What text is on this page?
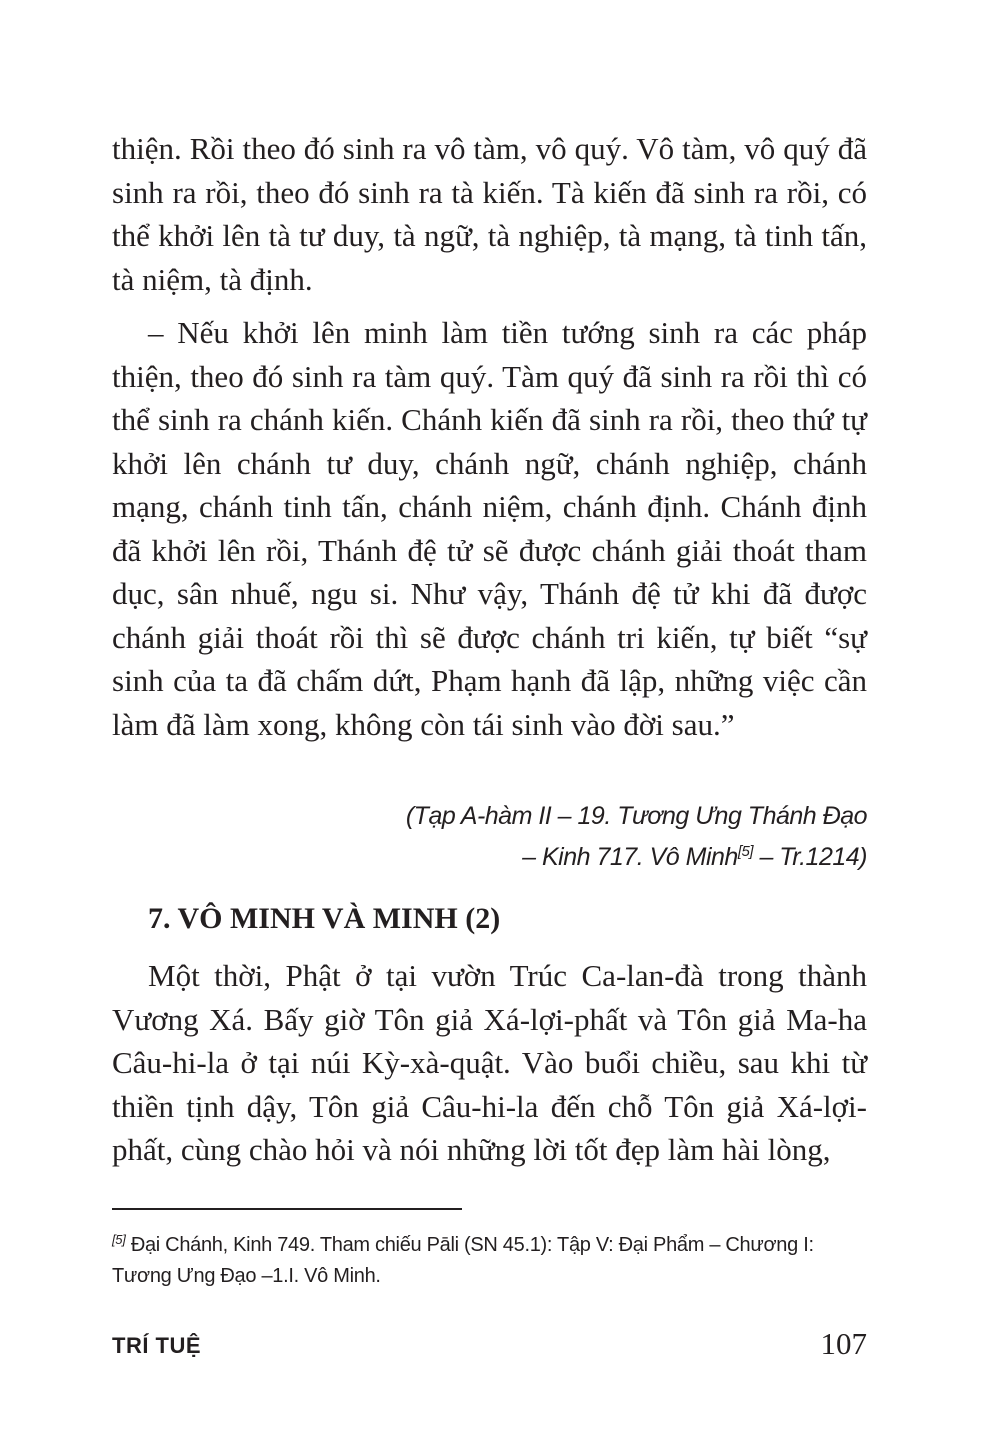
thiện. Rồi theo đó sinh ra vô tàm, vô quý. Vô tàm, vô quý đã sinh ra rồi, theo đó sinh ra tà kiến. Tà kiến đã sinh ra rồi, có thể khởi lên tà tư duy, tà ngữ, tà nghiệp, tà mạng, tà tinh tấn, tà niệm, tà định.

– Nếu khởi lên minh làm tiền tướng sinh ra các pháp thiện, theo đó sinh ra tàm quý. Tàm quý đã sinh ra rồi thì có thể sinh ra chánh kiến. Chánh kiến đã sinh ra rồi, theo thứ tự khởi lên chánh tư duy, chánh ngữ, chánh nghiệp, chánh mạng, chánh tinh tấn, chánh niệm, chánh định. Chánh định đã khởi lên rồi, Thánh đệ tử sẽ được chánh giải thoát tham dục, sân nhuế, ngu si. Như vậy, Thánh đệ tử khi đã được chánh giải thoát rồi thì sẽ được chánh tri kiến, tự biết “sự sinh của ta đã chấm dứt, Phạm hạnh đã lập, những việc cần làm đã làm xong, không còn tái sinh vào đời sau.”

(Tạp A-hàm II – 19. Tương Ưng Thánh Đạo
– Kinh 717. Vô Minh[5] – Tr.1214)
7. VÔ MINH VÀ MINH (2)

Một thời, Phật ở tại vườn Trúc Ca-lan-đà trong thành Vương Xá. Bấy giờ Tôn giả Xá-lợi-phất và Tôn giả Ma-ha Câu-hi-la ở tại núi Kỳ-xà-quật. Vào buổi chiều, sau khi từ thiền tịnh dậy, Tôn giả Câu-hi-la đến chỗ Tôn giả Xá-lợi-phất, cùng chào hỏi và nói những lời tốt đẹp làm hài lòng,

[5] Đại Chánh, Kinh 749. Tham chiếu Pāli (SN 45.1): Tập V: Đại Phẩm – Chương I: Tương Ưng Đạo –1.I. Vô Minh.

TRÍ TUỆ	107
